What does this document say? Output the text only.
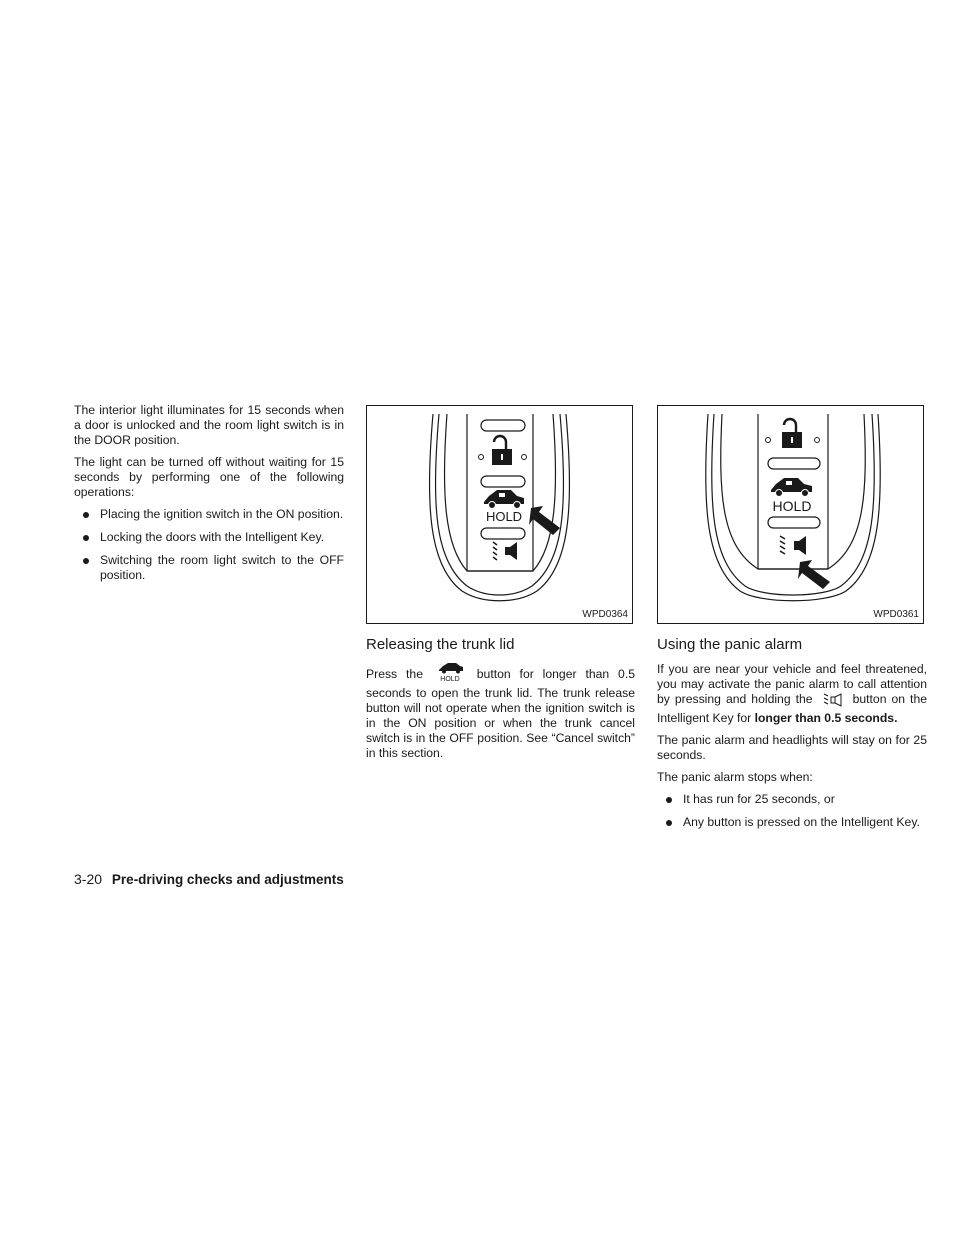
The interior light illuminates for 15 seconds when a door is unlocked and the room light switch is in the DOOR position.

The light can be turned off without waiting for 15 seconds by performing one of the following operations:

Placing the ignition switch in the ON position.
Locking the doors with the Intelligent Key.
Switching the room light switch to the OFF position.
HOLD
WPD0364
Releasing the trunk lid

Press the HOLD button for longer than 0.5 seconds to open the trunk lid. The trunk release button will not operate when the ignition switch is in the ON position or when the trunk cancel switch is in the OFF position. See “Cancel switch” in this section.

HOLD
WPD0361
Using the panic alarm

If you are near your vehicle and feel threatened, you may activate the panic alarm to call attention by pressing and holding the	button on the Intelligent Key for longer than 0.5 seconds.

The panic alarm and headlights will stay on for 25 seconds.

The panic alarm stops when:

It has run for 25 seconds, or
Any button is pressed on the Intelligent Key.
3-20 Pre-driving checks and adjustments
